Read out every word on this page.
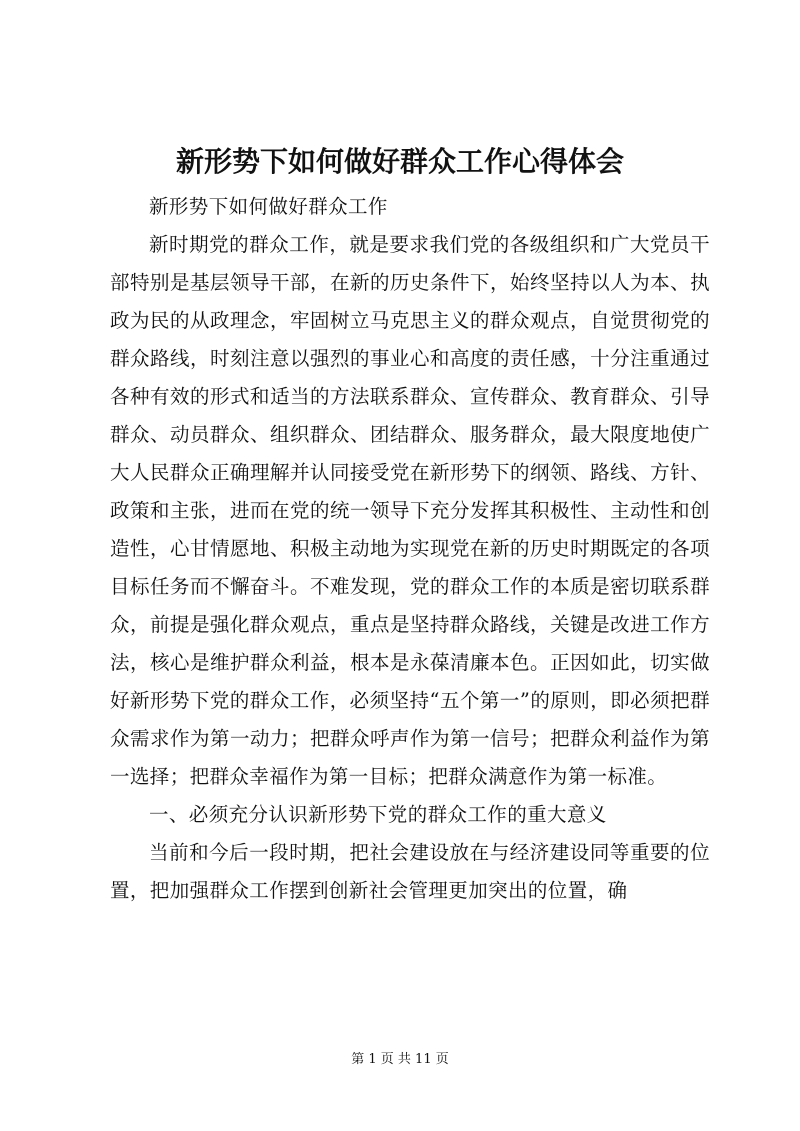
新形势下如何做好群众工作心得体会

新形势下如何做好群众工作

新时期党的群众工作，就是要求我们党的各级组织和广大党员干部特别是基层领导干部，在新的历史条件下，始终坚持以人为本、执政为民的从政理念，牢固树立马克思主义的群众观点，自觉贯彻党的群众路线，时刻注意以强烈的事业心和高度的责任感，十分注重通过各种有效的形式和适当的方法联系群众、宣传群众、教育群众、引导群众、动员群众、组织群众、团结群众、服务群众，最大限度地使广大人民群众正确理解并认同接受党在新形势下的纲领、路线、方针、政策和主张，进而在党的统一领导下充分发挥其积极性、主动性和创造性，心甘情愿地、积极主动地为实现党在新的历史时期既定的各项目标任务而不懈奋斗。不难发现，党的群众工作的本质是密切联系群众，前提是强化群众观点，重点是坚持群众路线，关键是改进工作方法，核心是维护群众利益，根本是永葆清廉本色。正因如此，切实做好新形势下党的群众工作，必须坚持“五个第一”的原则，即必须把群众需求作为第一动力；把群众呼声作为第一信号；把群众利益作为第一选择；把群众幸福作为第一目标；把群众满意作为第一标准。

一、必须充分认识新形势下党的群众工作的重大意义

当前和今后一段时期，把社会建设放在与经济建设同等重要的位置，把加强群众工作摆到创新社会管理更加突出的位置，确

第 1 页 共 11 页
